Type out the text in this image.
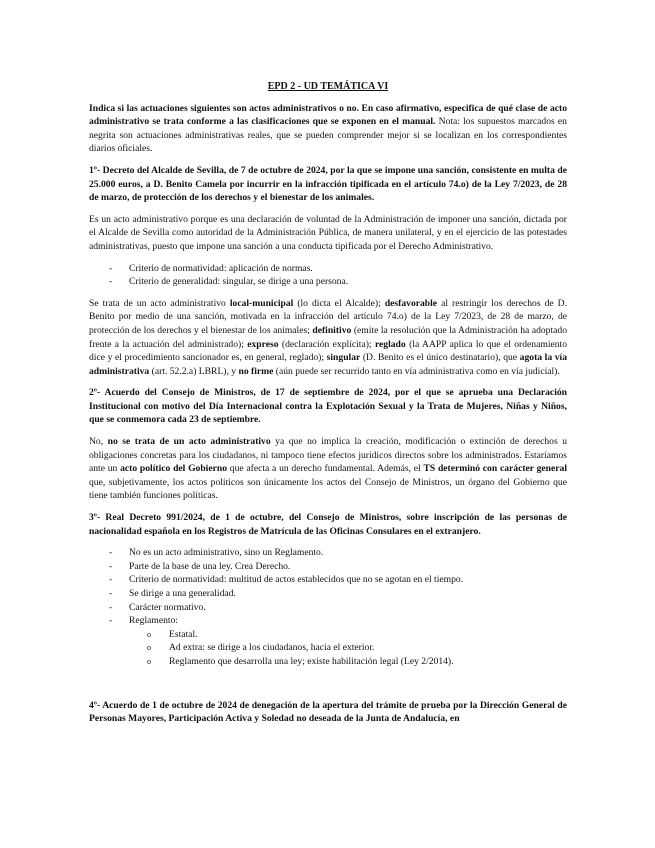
EPD 2 - UD TEMÁTICA VI

Indica si las actuaciones siguientes son actos administrativos o no. En caso afirmativo, especifica de qué clase de acto administrativo se trata conforme a las clasificaciones que se exponen en el manual. Nota: los supuestos marcados en negrita son actuaciones administrativas reales, que se pueden comprender mejor si se localizan en los correspondientes diarios oficiales.

1º- Decreto del Alcalde de Sevilla, de 7 de octubre de 2024, por la que se impone una sanción, consistente en multa de 25.000 euros, a D. Benito Camela por incurrir en la infracción tipificada en el artículo 74.o) de la Ley 7/2023, de 28 de marzo, de protección de los derechos y el bienestar de los animales.

Es un acto administrativo porque es una declaración de voluntad de la Administración de imponer una sanción, dictada por el Alcalde de Sevilla como autoridad de la Administración Pública, de manera unilateral, y en el ejercicio de las potestades administrativas, puesto que impone una sanción a una conducta tipificada por el Derecho Administrativo.

- Criterio de normatividad: aplicación de normas.
- Criterio de generalidad: singular, se dirige a una persona.

Se trata de un acto administrativo local-municipal (lo dicta el Alcalde); desfavorable al restringir los derechos de D. Benito por medio de una sanción, motivada en la infracción del artículo 74.o) de la Ley 7/2023, de 28 de marzo, de protección de los derechos y el bienestar de los animales; definitivo (emite la resolución que la Administración ha adoptado frente a la actuación del administrado); expreso (declaración explícita); reglado (la AAPP aplica lo que el ordenamiento dice y el procedimiento sancionador es, en general, reglado); singular (D. Benito es el único destinatario), que agota la vía administrativa (art. 52.2.a) LBRL), y no firme (aún puede ser recurrido tanto en vía administrativa como en vía judicial).

2º- Acuerdo del Consejo de Ministros, de 17 de septiembre de 2024, por el que se aprueba una Declaración Institucional con motivo del Día Internacional contra la Explotación Sexual y la Trata de Mujeres, Niñas y Niños, que se conmemora cada 23 de septiembre.

No, no se trata de un acto administrativo ya que no implica la creación, modificación o extinción de derechos u obligaciones concretas para los ciudadanos, ni tampoco tiene efectos jurídicos directos sobre los administrados. Estaríamos ante un acto político del Gobierno que afecta a un derecho fundamental. Además, el TS determinó con carácter general que, subjetivamente, los actos políticos son únicamente los actos del Consejo de Ministros, un órgano del Gobierno que tiene también funciones políticas.

3º- Real Decreto 991/2024, de 1 de octubre, del Consejo de Ministros, sobre inscripción de las personas de nacionalidad española en los Registros de Matrícula de las Oficinas Consulares en el extranjero.

- No es un acto administrativo, sino un Reglamento.
- Parte de la base de una ley. Crea Derecho.
- Criterio de normatividad: multitud de actos establecidos que no se agotan en el tiempo.
- Se dirige a una generalidad.
- Carácter normativo.
- Reglamento:
o Estatal.
o Ad extra: se dirige a los ciudadanos, hacia el exterior.
o Reglamento que desarrolla una ley; existe habilitación legal (Ley 2/2014).

4º- Acuerdo de 1 de octubre de 2024 de denegación de la apertura del trámite de prueba por la Dirección General de Personas Mayores, Participación Activa y Soledad no deseada de la Junta de Andalucía, en
